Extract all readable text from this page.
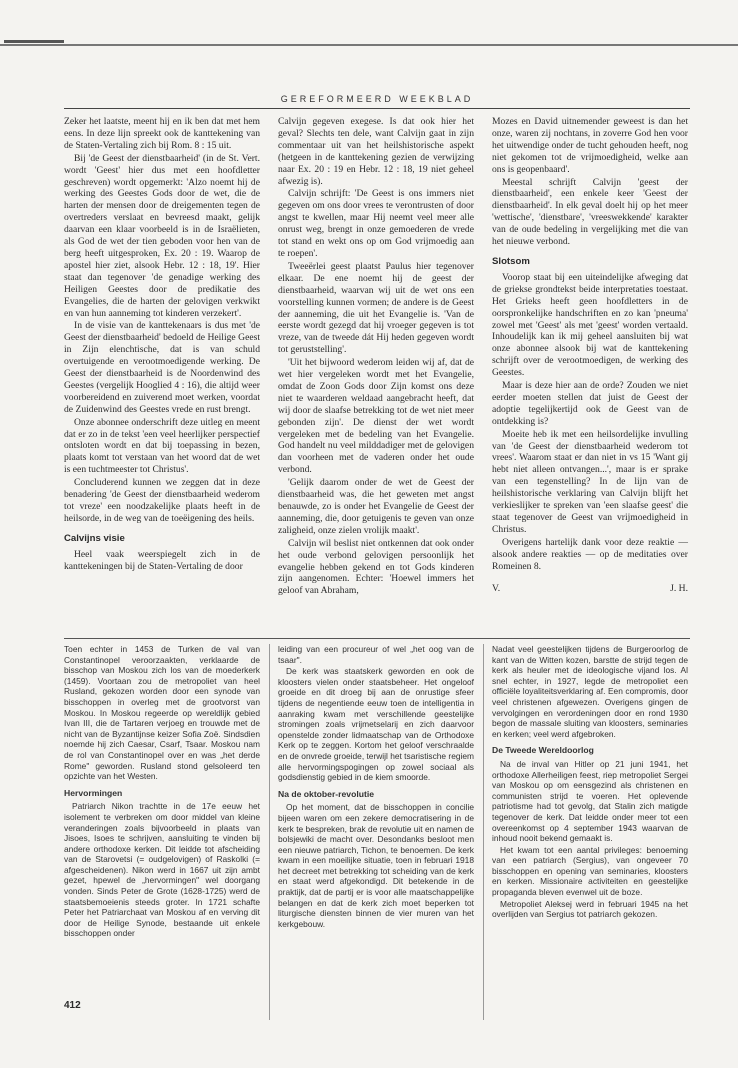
GEREFORMEERD WEEKBLAD

Zeker het laatste, meent hij en ik ben dat met hem eens. In deze lijn spreekt ook de kanttekening van de Staten-Vertaling zich bij Rom. 8 : 15 uit.

Bij 'de Geest der dienstbaarheid' (in de St. Vert. wordt 'Geest' hier dus met een hoofdletter geschreven) wordt opgemerkt: 'Alzo noemt hij de werking des Geestes Gods door de wet, die de harten der mensen door de dreigementen tegen de overtreders verslaat en bevreesd maakt, gelijk daarvan een klaar voorbeeld is in de Israëlieten, als God de wet der tien geboden voor hen van de berg heeft uitgesproken, Ex. 20 : 19. Waarop de apostel hier ziet, alsook Hebr. 12 : 18, 19'. Hier staat dan tegenover 'de genadige werking des Heiligen Geestes door de predikatie des Evangelies, die de harten der gelovigen verkwikt en van hun aanneming tot kinderen verzekert'.

In de visie van de kanttekenaars is dus met 'de Geest der dienstbaarheid' bedoeld de Heilige Geest in Zijn elenchtische, dat is van schuld overtuigende en verootmoedigende werking. De Geest der dienstbaarheid is de Noordenwind des Geestes (vergelijk Hooglied 4 : 16), die altijd weer voorbereidend en zuiverend moet werken, voordat de Zuidenwind des Geestes vrede en rust brengt.

Onze abonnee onderschrift deze uitleg en meent dat er zo in de tekst 'een veel heerlijker perspectief ontsloten wordt en dat bij toepassing in bezen, plaats komt tot verstaan van het woord dat de wet is een tuchtmeester tot Christus'.

Concluderend kunnen we zeggen dat in deze benadering 'de Geest der dienstbaarheid wederom tot vreze' een noodzakelijke plaats heeft in de heilsorde, in de weg van de toeëigening des heils.

Calvijns visie

Heel vaak weerspiegelt zich in de kanttekeningen bij de Staten-Vertaling de door

Calvijn gegeven exegese. Is dat ook hier het geval? Slechts ten dele, want Calvijn gaat in zijn commentaar uit van het heilshistorische aspekt (hetgeen in de kanttekening gezien de verwijzing naar Ex. 20 : 19 en Hebr. 12 : 18, 19 niet geheel afwezig is).

Calvijn schrijft: 'De Geest is ons immers niet gegeven om ons door vrees te verontrusten of door angst te kwellen, maar Hij neemt veel meer alle onrust weg, brengt in onze gemoederen de vrede tot stand en wekt ons op om God vrijmoedig aan te roepen'.

Tweeërlei geest plaatst Paulus hier tegenover elkaar. De ene noemt hij de geest der dienstbaarheid, waarvan wij uit de wet ons een voorstelling kunnen vormen; de andere is de Geest der aanneming, die uit het Evangelie is. 'Van de eerste wordt gezegd dat hij vroeger gegeven is tot vreze, van de tweede dát Hij heden gegeven wordt tot geruststelling'.

'Uit het bijwoord wederom leiden wij af, dat de wet hier vergeleken wordt met het Evangelie, omdat de Zoon Gods door Zijn komst ons deze niet te waarderen weldaad aangebracht heeft, dat wij door de slaafse betrekking tot de wet niet meer gebonden zijn'. De dienst der wet wordt vergeleken met de bedeling van het Evangelie. God handelt nu veel milddadiger met de gelovigen dan voorheen met de vaderen onder het oude verbond.

'Gelijk daarom onder de wet de Geest der dienstbaarheid was, die het geweten met angst benauwde, zo is onder het Evangelie de Geest der aanneming, die, door getuigenis te geven van onze zaligheid, onze zielen vrolijk maakt'.

Calvijn wil beslist niet ontkennen dat ook onder het oude verbond gelovigen persoonlijk het evangelie hebben gekend en tot Gods kinderen zijn aangenomen. Echter: 'Hoewel immers het geloof van Abraham,

Mozes en David uitnemender geweest is dan het onze, waren zij nochtans, in zoverre God hen voor het uitwendige onder de tucht gehouden heeft, nog niet gekomen tot de vrijmoedigheid, welke aan ons is geopenbaard'.

Meestal schrijft Calvijn 'geest der dienstbaarheid', een enkele keer 'Geest der dienstbaarheid'. In elk geval doelt hij op het meer 'wettische', 'dienstbare', 'vreeswekkende' karakter van de oude bedeling in vergelijking met die van het nieuwe verbond.

Slotsom

Voorop staat bij een uiteindelijke afweging dat de griekse grondtekst beide interpretaties toestaat. Het Grieks heeft geen hoofdletters in de oorspronkelijke handschriften en zo kan 'pneuma' zowel met 'Geest' als met 'geest' worden vertaald. Inhoudelijk kan ik mij geheel aansluiten bij wat onze abonnee alsook bij wat de kanttekening schrijft over de verootmoedigen, de werking des Geestes.

Maar is deze hier aan de orde? Zouden we niet eerder moeten stellen dat juist de Geest der adoptie tegelijkertijd ook de Geest van de ontdekking is?

Moeite heb ik met een heilsordelijke invulling van 'de Geest der dienstbaarheid wederom tot vrees'. Waarom staat er dan niet in vs 15 'Want gij hebt niet alleen ontvangen...', maar is er sprake van een tegenstelling? In de lijn van de heilshistorische verklaring van Calvijn blijft het verkieslijker te spreken van 'een slaafse geest' die staat tegenover de Geest van vrijmoedigheid in Christus.

Overigens hartelijk dank voor deze reaktie — alsook andere reakties — op de meditaties over Romeinen 8.

V.	J. H.

Toen echter in 1453 de Turken de val van Constantinopel veroorzaakten, verklaarde de bisschop van Moskou zich los van de moederkerk (1459). Voortaan zou de metropoliet van heel Rusland, gekozen worden door een synode van bisschoppen in overleg met de grootvorst van Moskou. In Moskou regeerde op wereldlijk gebied Ivan III, die de Tartaren verjoeg en trouwde met de nicht van de Byzantijnse keizer Sofia Zoë. Sindsdien noemde hij zich Caesar, Csarf, Tsaar. Moskou nam de rol van Constantinopel over en was „het derde Rome" geworden. Rusland stond gelsoleerd ten opzichte van het Westen.

Hervormingen

Patriarch Nikon trachtte in de 17e eeuw het isolement te verbreken om door middel van kleine veranderingen zoals bijvoorbeeld in plaats van Jisoes, Isoes te schrijven, aansluiting te vinden bij andere orthodoxe kerken. Dit leidde tot afscheiding van de Starovetsi (= oudgelovigen) of Raskolki (= afgescheidenen). Nikon werd in 1667 uit zijn ambt gezet, hpewel de „hervormingen" wel doorgang vonden. Sinds Peter de Grote (1628-1725) werd de staatsbemoeienis steeds groter. In 1721 schafte Peter het Patriarchaat van Moskou af en verving dit door de Heilige Synode, bestaande uit enkele bisschoppen onder

leiding van een procureur of wel „het oog van de tsaar".

De kerk was staatskerk geworden en ook de kloosters vielen onder staatsbeheer. Het ongeloof groeide en dit droeg bij aan de onrustige sfeer tijdens de negentiende eeuw toen de intelligentia in aanraking kwam met verschillende geestelijke stromingen zoals vrijmetselarij en zich daarvoor openstelde zonder lidmaatschap van de Orthodoxe Kerk op te zeggen. Kortom het geloof verschraalde en de onvrede groeide, terwijl het tsaristische regiem alle hervormingspogingen op zowel sociaal als godsdienstig gebied in de kiem smoorde.

Na de oktober-revolutie

Op het moment, dat de bisschoppen in concilie bijeen waren om een zekere democratisering in de kerk te bespreken, brak de revolutie uit en namen de bolsjewiki de macht over. Desondanks besloot men een nieuwe patriarch, Tichon, te benoemen. De kerk kwam in een moeilijke situatie, toen in februari 1918 het decreet met betrekking tot scheiding van de kerk en staat werd afgekondigd. Dit betekende in de praktijk, dat de partij er is voor alle maatschappelijke belangen en dat de kerk zich moet beperken tot liturgische diensten binnen de vier muren van het kerkgebouw.

Nadat veel geestelijken tijdens de Burgeroorlog de kant van de Witten kozen, barstte de strijd tegen de kerk als heuler met de ideologische vijand los. Al snel echter, in 1927, legde de metropoliet een officiële loyaliteitsverklaring af. Een compromis, door veel christenen afgewezen. Overigens gingen de vervolgingen en verordeningen door en rond 1930 begon de massale sluiting van kloosters, seminaries en kerken; veel werd afgebroken.

De Tweede Wereldoorlog

Na de inval van Hitler op 21 juni 1941, het orthodoxe Allerheiligen feest, riep metropoliet Sergei van Moskou op om eensgezind als christenen en communisten strijd te voeren. Het oplevende patriotisme had tot gevolg, dat Stalin zich matigde tegenover de kerk. Dat leidde onder meer tot een overeenkomst op 4 september 1943 waarvan de inhoud nooit bekend gemaakt is.

Het kwam tot een aantal privileges: benoeming van een patriarch (Sergius), van ongeveer 70 bisschoppen en opening van seminaries, kloosters en kerken. Missionaire activiteiten en geestelijke propaganda bleven evenwel uit de boze.

Metropoliet Aleksej werd in februari 1945 na het overlijden van Sergius tot patriarch gekozen.

412
